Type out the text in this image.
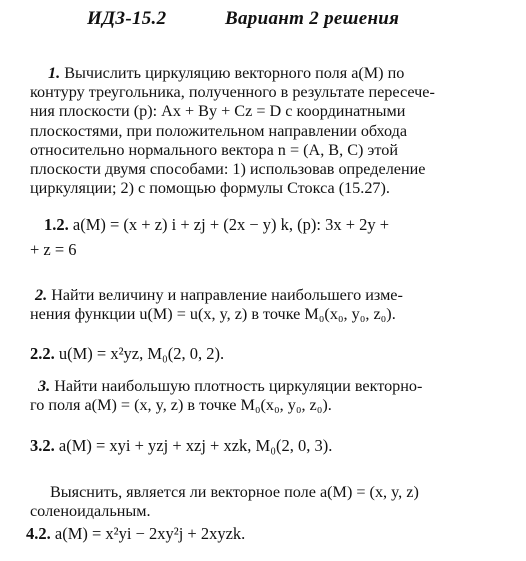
ИДЗ-15.2	Вариант 2 решения
1. Вычислить циркуляцию векторного поля a(M) по
контуру треугольника, полученного в результате пересече-
ния плоскости (p): Ax + By + Cz = D с координатными
плоскостями, при положительном направлении обхода
относительно нормального вектора n = (A, B, C) этой
плоскости двумя способами: 1) использовав определение
циркуляции; 2) с помощью формулы Стокса (15.27).
1.2. a(M) = (x + z) i + zj + (2x − y) k, (p): 3x + 2y +
+ z = 6
2. Найти величину и направление наибольшего изме-
нения функции u(M) = u(x, y, z) в точке M₀(x₀, y₀, z₀).
2.2. u(M) = x²yz, M₀(2, 0, 2).
3. Найти наибольшую плотность циркуляции векторно-
го поля a(M) = (x, y, z) в точке M₀(x₀, y₀, z₀).
3.2. a(M) = xyi + yzj + xzj + xzk, M₀(2, 0, 3).
Выяснить, является ли векторное поле a(M) = (x, y, z)
соленоидальным.
4.2. a(M) = x²yi − 2xy²j + 2xyzk.
